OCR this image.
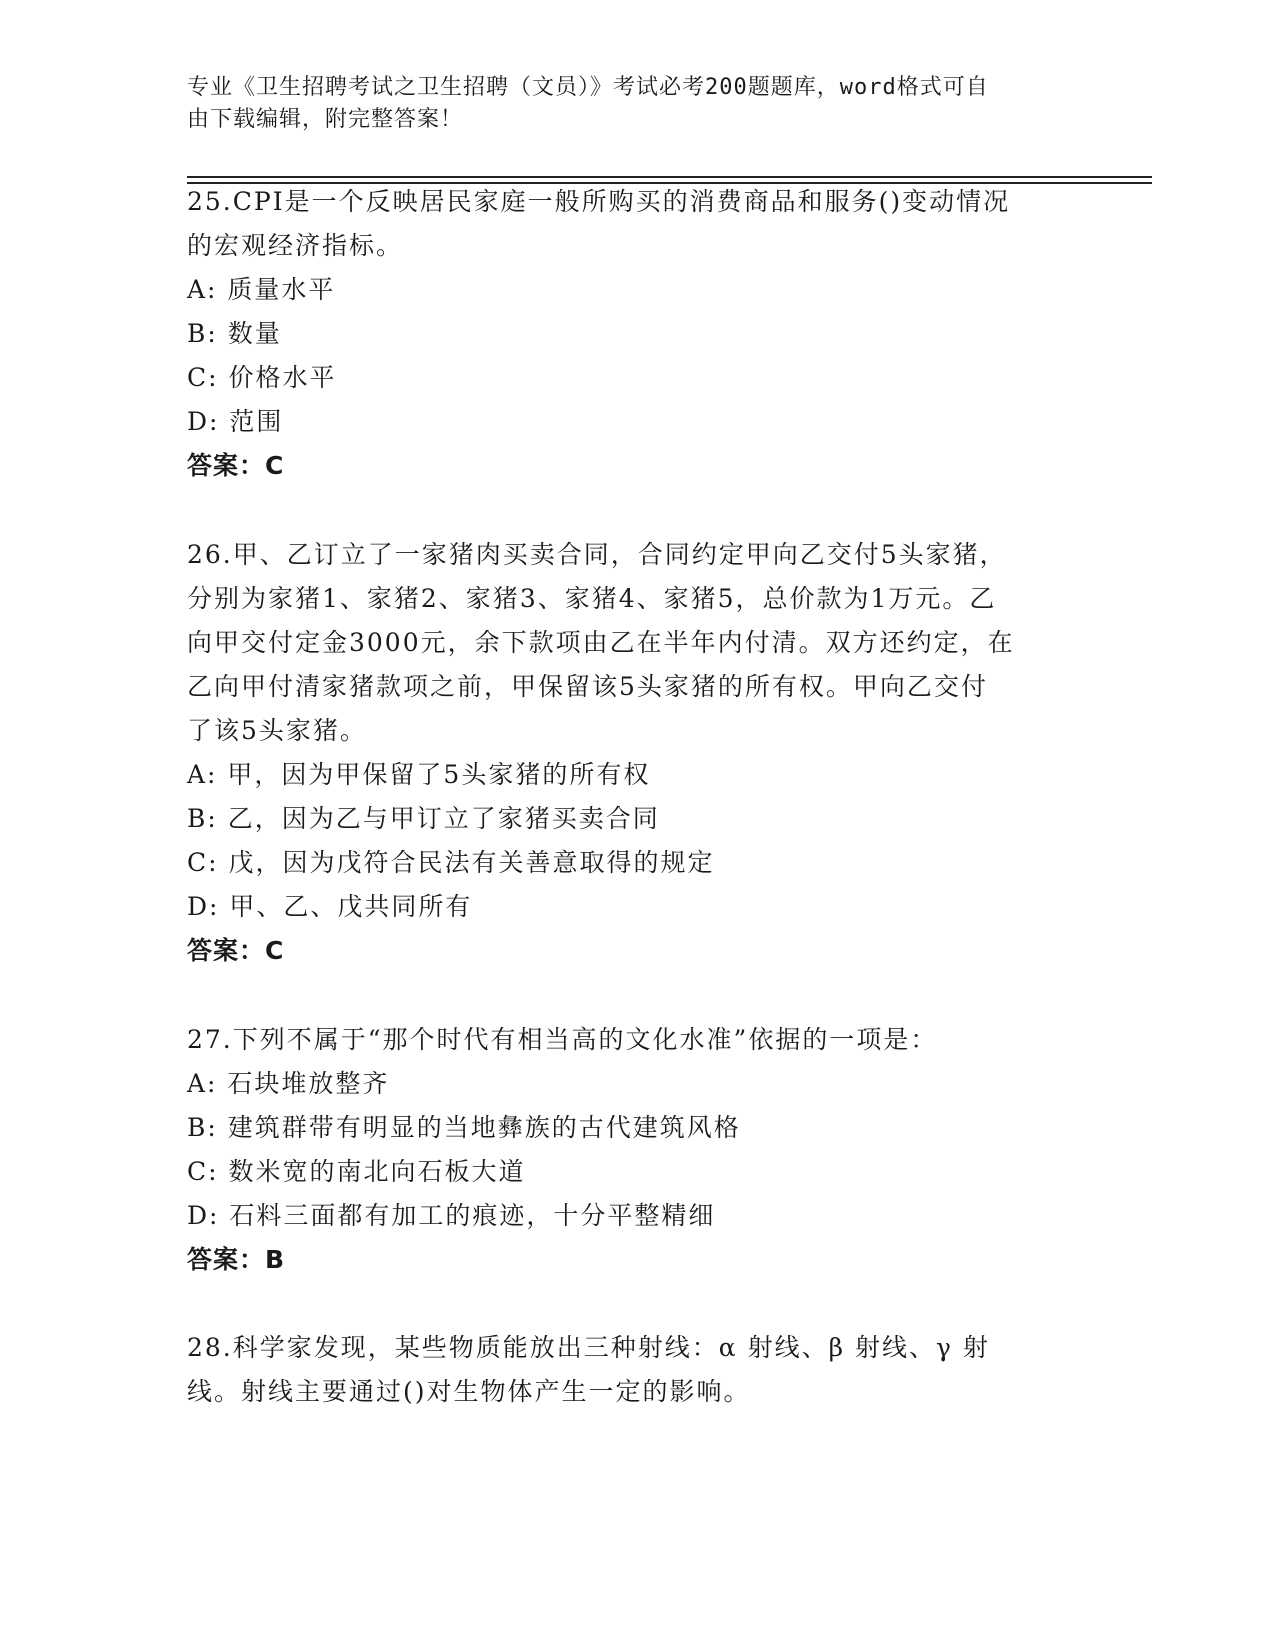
专业《卫生招聘考试之卫生招聘（文员）》考试必考200题题库，word格式可自
由下载编辑，附完整答案！
25.CPI是一个反映居民家庭一般所购买的消费商品和服务()变动情况
的宏观经济指标。
A: 质量水平
B: 数量
C: 价格水平
D: 范围
答案：C
26.甲、乙订立了一家猪肉买卖合同，合同约定甲向乙交付5头家猪，
分别为家猪1、家猪2、家猪3、家猪4、家猪5，总价款为1万元。乙
向甲交付定金3000元，余下款项由乙在半年内付清。双方还约定，在
乙向甲付清家猪款项之前，甲保留该5头家猪的所有权。甲向乙交付
了该5头家猪。
A: 甲，因为甲保留了5头家猪的所有权
B: 乙，因为乙与甲订立了家猪买卖合同
C: 戊，因为戊符合民法有关善意取得的规定
D: 甲、乙、戊共同所有
答案：C
27.下列不属于“那个时代有相当高的文化水准”依据的一项是：
A: 石块堆放整齐
B: 建筑群带有明显的当地彝族的古代建筑风格
C: 数米宽的南北向石板大道
D: 石料三面都有加工的痕迹，十分平整精细
答案：B
28.科学家发现，某些物质能放出三种射线：α 射线、β 射线、γ 射
线。射线主要通过()对生物体产生一定的影响。
